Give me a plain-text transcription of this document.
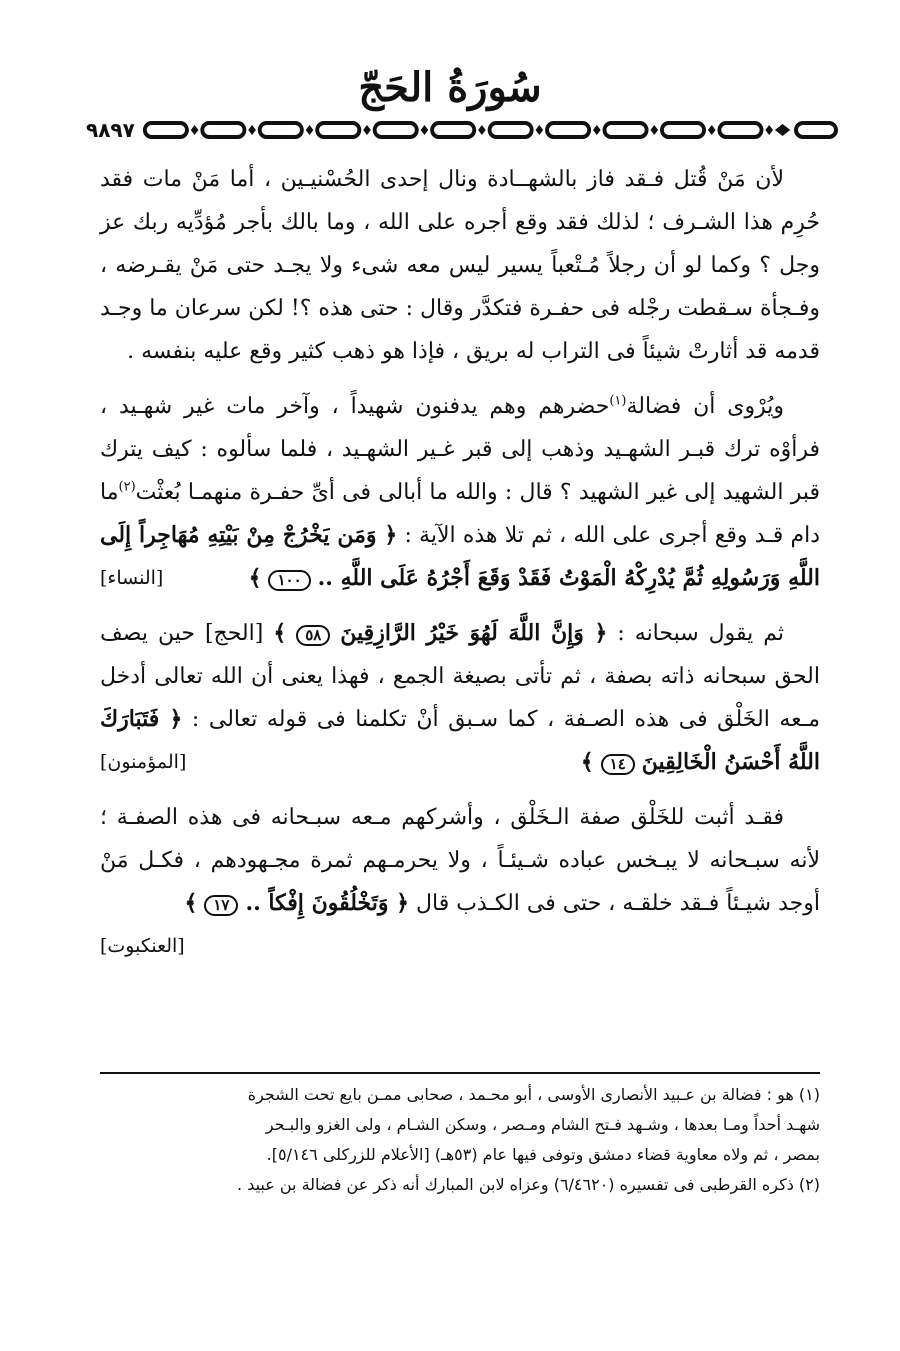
سُورَةُ الحَجّ
٩٨٩٧

لأن مَنْ قُتل فـقد فاز بالشهــادة ونال إحدى الحُسْنيـين ، أما مَنْ مات فقد حُرِم هذا الشـرف ؛ لذلك فقد وقع أجره على الله ، وما بالك بأجر مُؤدِّيه ربك عز وجل ؟ وكما لو أن رجلاً مُـتْعباً يسير ليس معه شىء ولا يجـد حتى مَنْ يقـرضه ، وفـجأة سـقطت رجْله فى حفـرة فتكدَّر وقال : حتى هذه ؟! لكن سرعان ما وجـد قدمه قد أثارتْ شيئاً فى التراب له بريق ، فإذا هو ذهب كثير وقع عليه بنفسه .

ويُرْوى أن فضالة$^{(١)}$حضرهم وهم يدفنون شهيداً ، وآخر مات غير شهـيد ، فرأوْه ترك قبـر الشهـيد وذهب إلى قبر غـير الشهـيد ، فلما سألوه : كيف يترك قبر الشهيد إلى غير الشهيد ؟ قال : والله ما أبالى فى أىِّ حفـرة منهمـا بُعثْت$^{(٢)}$ما دام قـد وقع أجرى على الله ، ثم تلا هذه الآية : ﴿ وَمَن يَخْرُجْ مِنْ بَيْتِهِ مُهَاجِراً إِلَى اللَّهِ وَرَسُولِهِ ثُمَّ يُدْرِكْهُ الْمَوْتُ فَقَدْ وَقَعَ أَجْرُهُ عَلَى اللَّهِ .. ١٠٠ ﴾
[النساء]

ثم يقول سبحانه : ﴿ وَإِنَّ اللَّهَ لَهُوَ خَيْرُ الرَّازِقِينَ ٥٨ ﴾ [الحج] حين يصف الحق سبحانه ذاته بصفة ، ثم تأتى بصيغة الجمع ، فهذا يعنى أن الله تعالى أدخل مـعه الخَلْق فى هذه الصـفة ، كما سـبق أنْ تكلمنا فى قوله تعالى : ﴿ فَتَبَارَكَ اللَّهُ أَحْسَنُ الْخَالِقِينَ ١٤ ﴾
[المؤمنون]

فقـد أثبت للخَلْق صفة الـخَلْق ، وأشركهم مـعه سبـحانه فى هذه الصفـة ؛ لأنه سبـحانه لا يبـخس عباده شـيئـاً ، ولا يحرمـهم ثمرة مجـهودهم ، فكـل مَنْ أوجد شيـئاً فـقد خلقـه ، حتى فى الكـذب قال ﴿ وَتَخْلُقُونَ إِفْكاً .. ١٧ ﴾
[العنكبوت]

(١) هو : فضالة بن عـبيد الأنصارى الأوسى ، أبو محـمد ، صحابى ممـن بايع تحت الشجرة

شهـد أحداً ومـا بعدها ، وشـهد فـتح الشام ومـصر ، وسكن الشـام ، ولى الغزو والبـحر

بمصر ، ثم ولاه معاوية قضاء دمشق وتوفى فيها عام (٥٣هـ) [الأعلام للزركلى ٥/١٤٦].

(٢) ذكره القرطبى فى تفسيره (٦/٤٦٢٠) وعزاه لابن المبارك أنه ذكر عن فضالة بن عبيد .
